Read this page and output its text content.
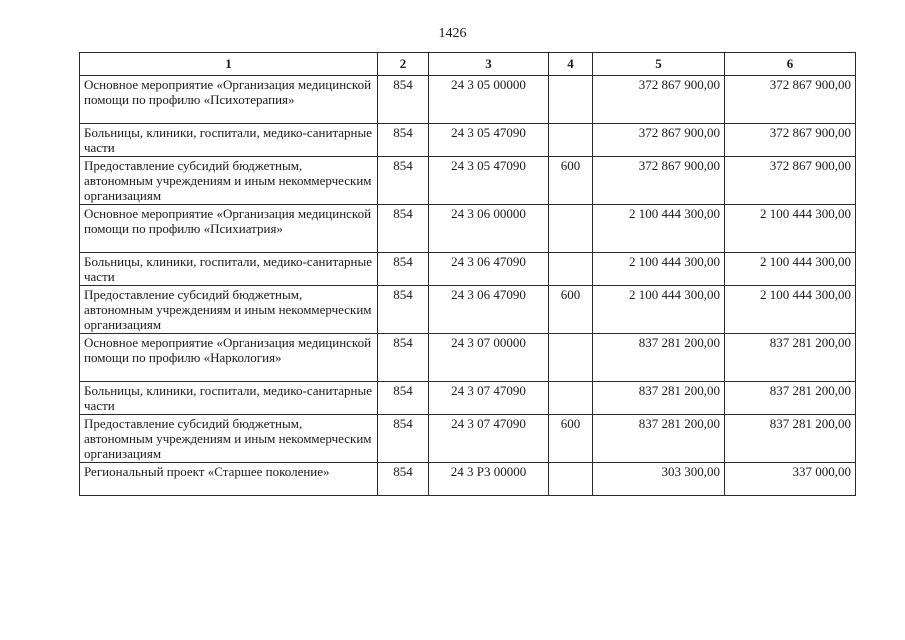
1426
1	2	3	4	5	6
Основное мероприятие «Организация медицинской помощи по профилю «Психотерапия»	854	24 3 05 00000		372 867 900,00	372 867 900,00
Больницы, клиники, госпитали, медико-санитарные части	854	24 3 05 47090		372 867 900,00	372 867 900,00
Предоставление субсидий бюджетным, автономным учреждениям и иным некоммерческим организациям	854	24 3 05 47090	600	372 867 900,00	372 867 900,00
Основное мероприятие «Организация медицинской помощи по профилю «Психиатрия»	854	24 3 06 00000		2 100 444 300,00	2 100 444 300,00
Больницы, клиники, госпитали, медико-санитарные части	854	24 3 06 47090		2 100 444 300,00	2 100 444 300,00
Предоставление субсидий бюджетным, автономным учреждениям и иным некоммерческим организациям	854	24 3 06 47090	600	2 100 444 300,00	2 100 444 300,00
Основное мероприятие «Организация медицинской помощи по профилю «Наркология»	854	24 3 07 00000		837 281 200,00	837 281 200,00
Больницы, клиники, госпитали, медико-санитарные части	854	24 3 07 47090		837 281 200,00	837 281 200,00
Предоставление субсидий бюджетным, автономным учреждениям и иным некоммерческим организациям	854	24 3 07 47090	600	837 281 200,00	837 281 200,00
Региональный проект «Старшее поколение»	854	24 3 P3 00000		303 300,00	337 000,00
